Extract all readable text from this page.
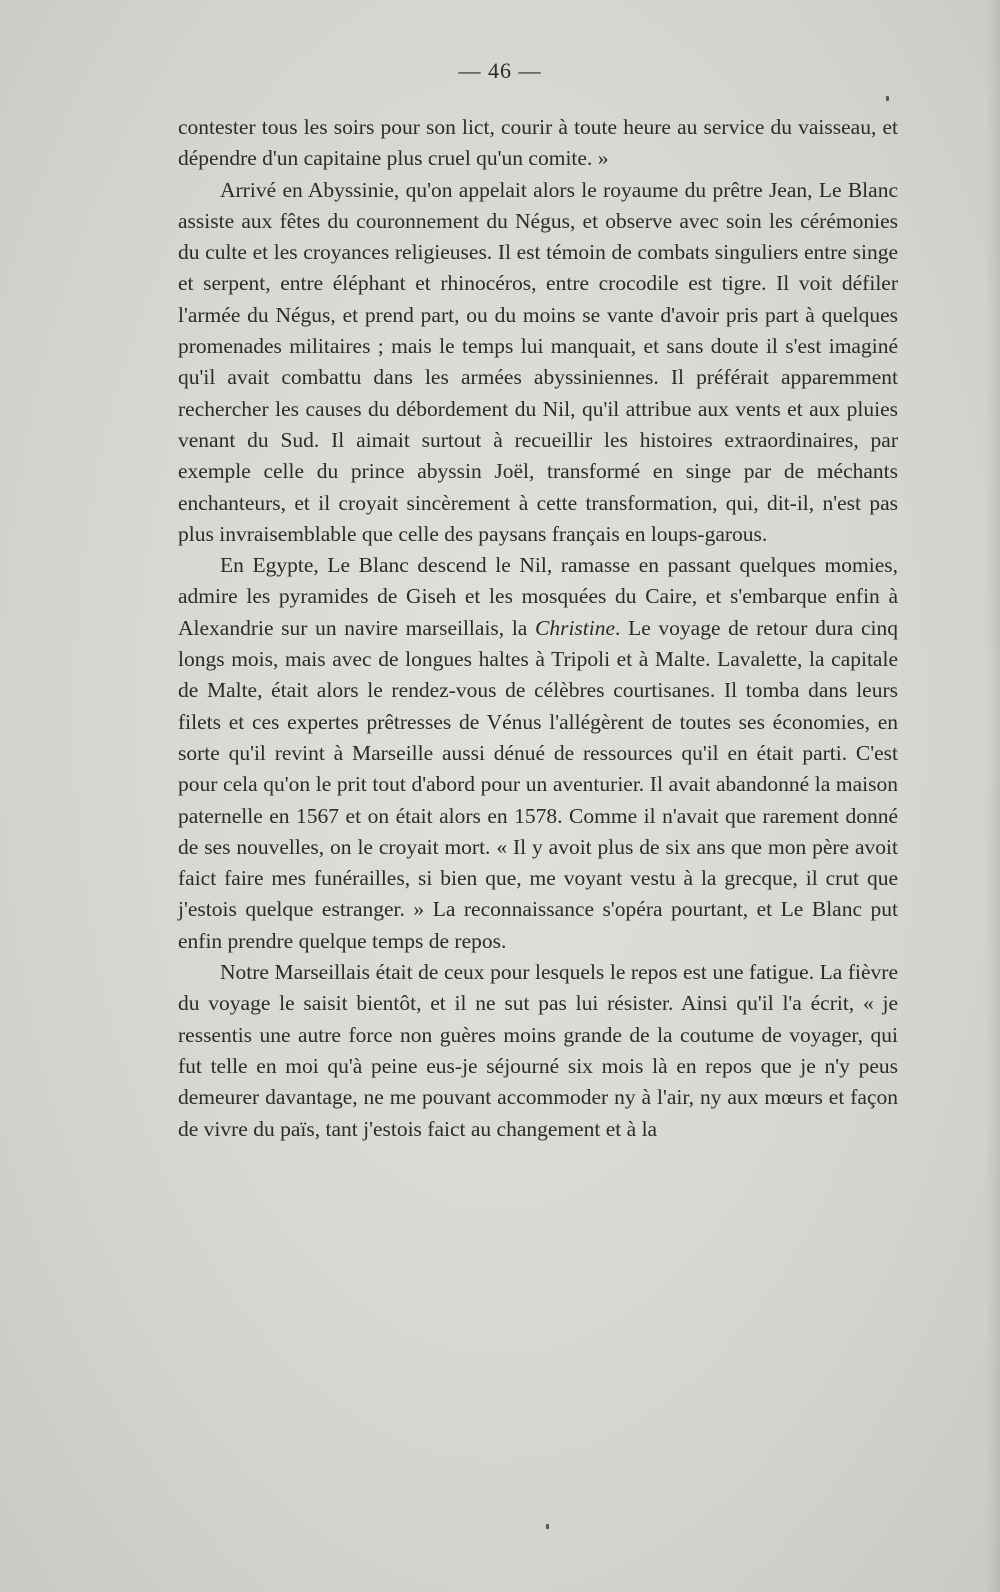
— 46 —

contester tous les soirs pour son lict, courir à toute heure au service du vaisseau, et dépendre d'un capitaine plus cruel qu'un comite. »

Arrivé en Abyssinie, qu'on appelait alors le royaume du prêtre Jean, Le Blanc assiste aux fêtes du couronnement du Négus, et observe avec soin les cérémonies du culte et les croyances religieuses. Il est témoin de combats singuliers entre singe et serpent, entre éléphant et rhinocéros, entre crocodile est tigre. Il voit défiler l'armée du Négus, et prend part, ou du moins se vante d'avoir pris part à quelques promenades militaires ; mais le temps lui manquait, et sans doute il s'est imaginé qu'il avait combattu dans les armées abyssiniennes. Il préférait apparemment rechercher les causes du débordement du Nil, qu'il attribue aux vents et aux pluies venant du Sud. Il aimait surtout à recueillir les histoires extraordinaires, par exemple celle du prince abyssin Joël, transformé en singe par de méchants enchanteurs, et il croyait sincèrement à cette transformation, qui, dit-il, n'est pas plus invraisemblable que celle des paysans français en loups-garous.

En Egypte, Le Blanc descend le Nil, ramasse en passant quelques momies, admire les pyramides de Giseh et les mosquées du Caire, et s'embarque enfin à Alexandrie sur un navire marseillais, la Christine. Le voyage de retour dura cinq longs mois, mais avec de longues haltes à Tripoli et à Malte. Lavalette, la capitale de Malte, était alors le rendez-vous de célèbres courtisanes. Il tomba dans leurs filets et ces expertes prêtresses de Vénus l'allégèrent de toutes ses économies, en sorte qu'il revint à Marseille aussi dénué de ressources qu'il en était parti. C'est pour cela qu'on le prit tout d'abord pour un aventurier. Il avait abandonné la maison paternelle en 1567 et on était alors en 1578. Comme il n'avait que rarement donné de ses nouvelles, on le croyait mort. « Il y avoit plus de six ans que mon père avoit faict faire mes funérailles, si bien que, me voyant vestu à la grecque, il crut que j'estois quelque estranger. » La reconnaissance s'opéra pourtant, et Le Blanc put enfin prendre quelque temps de repos.

Notre Marseillais était de ceux pour lesquels le repos est une fatigue. La fièvre du voyage le saisit bientôt, et il ne sut pas lui résister. Ainsi qu'il l'a écrit, « je ressentis une autre force non guères moins grande de la coutume de voyager, qui fut telle en moi qu'à peine eus-je séjourné six mois là en repos que je n'y peus demeurer davantage, ne me pouvant accommoder ny à l'air, ny aux mœurs et façon de vivre du païs, tant j'estois faict au changement et à la
